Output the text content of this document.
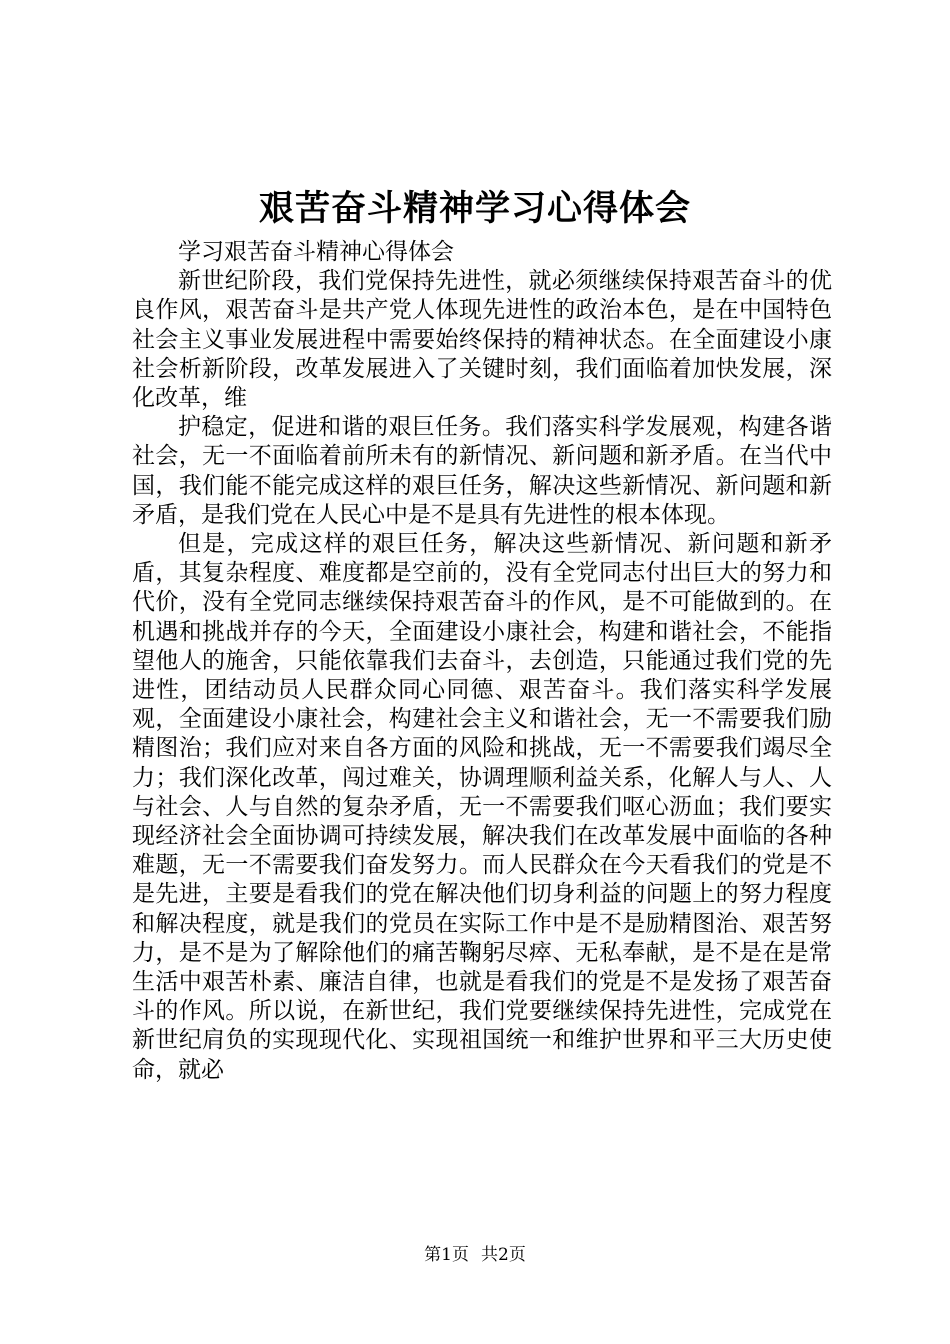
艰苦奋斗精神学习心得体会

学习艰苦奋斗精神心得体会

新世纪阶段，我们党保持先进性，就必须继续保持艰苦奋斗的优良作风，艰苦奋斗是共产党人体现先进性的政治本色，是在中国特色社会主义事业发展进程中需要始终保持的精神状态。在全面建设小康社会析新阶段，改革发展进入了关键时刻，我们面临着加快发展，深化改革，维

护稳定，促进和谐的艰巨任务。我们落实科学发展观，构建各谐社会，无一不面临着前所未有的新情况、新问题和新矛盾。在当代中国，我们能不能完成这样的艰巨任务，解决这些新情况、新问题和新矛盾，是我们党在人民心中是不是具有先进性的根本体现。

但是，完成这样的艰巨任务，解决这些新情况、新问题和新矛盾，其复杂程度、难度都是空前的，没有全党同志付出巨大的努力和代价，没有全党同志继续保持艰苦奋斗的作风，是不可能做到的。在机遇和挑战并存的今天，全面建设小康社会，构建和谐社会，不能指望他人的施舍，只能依靠我们去奋斗，去创造，只能通过我们党的先进性，团结动员人民群众同心同德、艰苦奋斗。我们落实科学发展观，全面建设小康社会，构建社会主义和谐社会，无一不需要我们励精图治；我们应对来自各方面的风险和挑战，无一不需要我们竭尽全力；我们深化改革，闯过难关，协调理顺利益关系，化解人与人、人与社会、人与自然的复杂矛盾，无一不需要我们呕心沥血；我们要实现经济社会全面协调可持续发展，解决我们在改革发展中面临的各种难题，无一不需要我们奋发努力。而人民群众在今天看我们的党是不是先进，主要是看我们的党在解决他们切身利益的问题上的努力程度和解决程度，就是我们的党员在实际工作中是不是励精图治、艰苦努力，是不是为了解除他们的痛苦鞠躬尽瘁、无私奉献，是不是在是常生活中艰苦朴素、廉洁自律，也就是看我们的党是不是发扬了艰苦奋斗的作风。所以说，在新世纪，我们党要继续保持先进性，完成党在新世纪肩负的实现现代化、实现祖国统一和维护世界和平三大历史使命，就必

第1页 共2页
